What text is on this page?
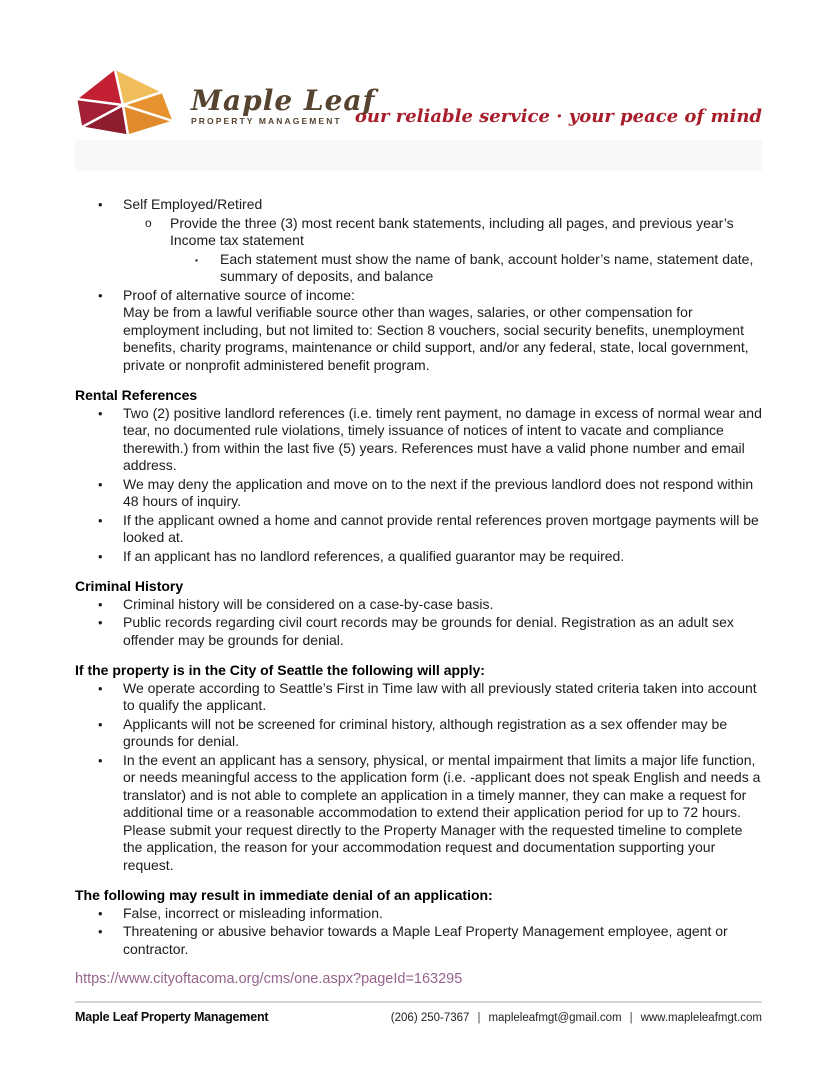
Maple Leaf
PROPERTY MANAGEMENT our reliable service · your peace of mind
• Self Employed/Retired
o Provide the three (3) most recent bank statements, including all pages, and previous year’s Income tax statement
▪ Each statement must show the name of bank, account holder’s name, statement date, summary of deposits, and balance
• Proof of alternative source of income:
May be from a lawful verifiable source other than wages, salaries, or other compensation for employment including, but not limited to: Section 8 vouchers, social security benefits, unemployment benefits, charity programs, maintenance or child support, and/or any federal, state, local government, private or nonprofit administered benefit program.
Rental References
• Two (2) positive landlord references (i.e. timely rent payment, no damage in excess of normal wear and tear, no documented rule violations, timely issuance of notices of intent to vacate and compliance therewith.) from within the last five (5) years. References must have a valid phone number and email address.
• We may deny the application and move on to the next if the previous landlord does not respond within 48 hours of inquiry.
• If the applicant owned a home and cannot provide rental references proven mortgage payments will be looked at.
• If an applicant has no landlord references, a qualified guarantor may be required.
Criminal History
• Criminal history will be considered on a case-by-case basis.
• Public records regarding civil court records may be grounds for denial. Registration as an adult sex offender may be grounds for denial.
If the property is in the City of Seattle the following will apply:
• We operate according to Seattle’s First in Time law with all previously stated criteria taken into account to qualify the applicant.
• Applicants will not be screened for criminal history, although registration as a sex offender may be grounds for denial.
• In the event an applicant has a sensory, physical, or mental impairment that limits a major life function, or needs meaningful access to the application form (i.e. -applicant does not speak English and needs a translator) and is not able to complete an application in a timely manner, they can make a request for additional time or a reasonable accommodation to extend their application period for up to 72 hours. Please submit your request directly to the Property Manager with the requested timeline to complete the application, the reason for your accommodation request and documentation supporting your request.
The following may result in immediate denial of an application:
• False, incorrect or misleading information.
• Threatening or abusive behavior towards a Maple Leaf Property Management employee, agent or contractor.
https://www.cityoftacoma.org/cms/one.aspx?pageId=163295
Maple Leaf Property Management	(206) 250-7367 | mapleleafmgt@gmail.com | www.mapleleafmgt.com
